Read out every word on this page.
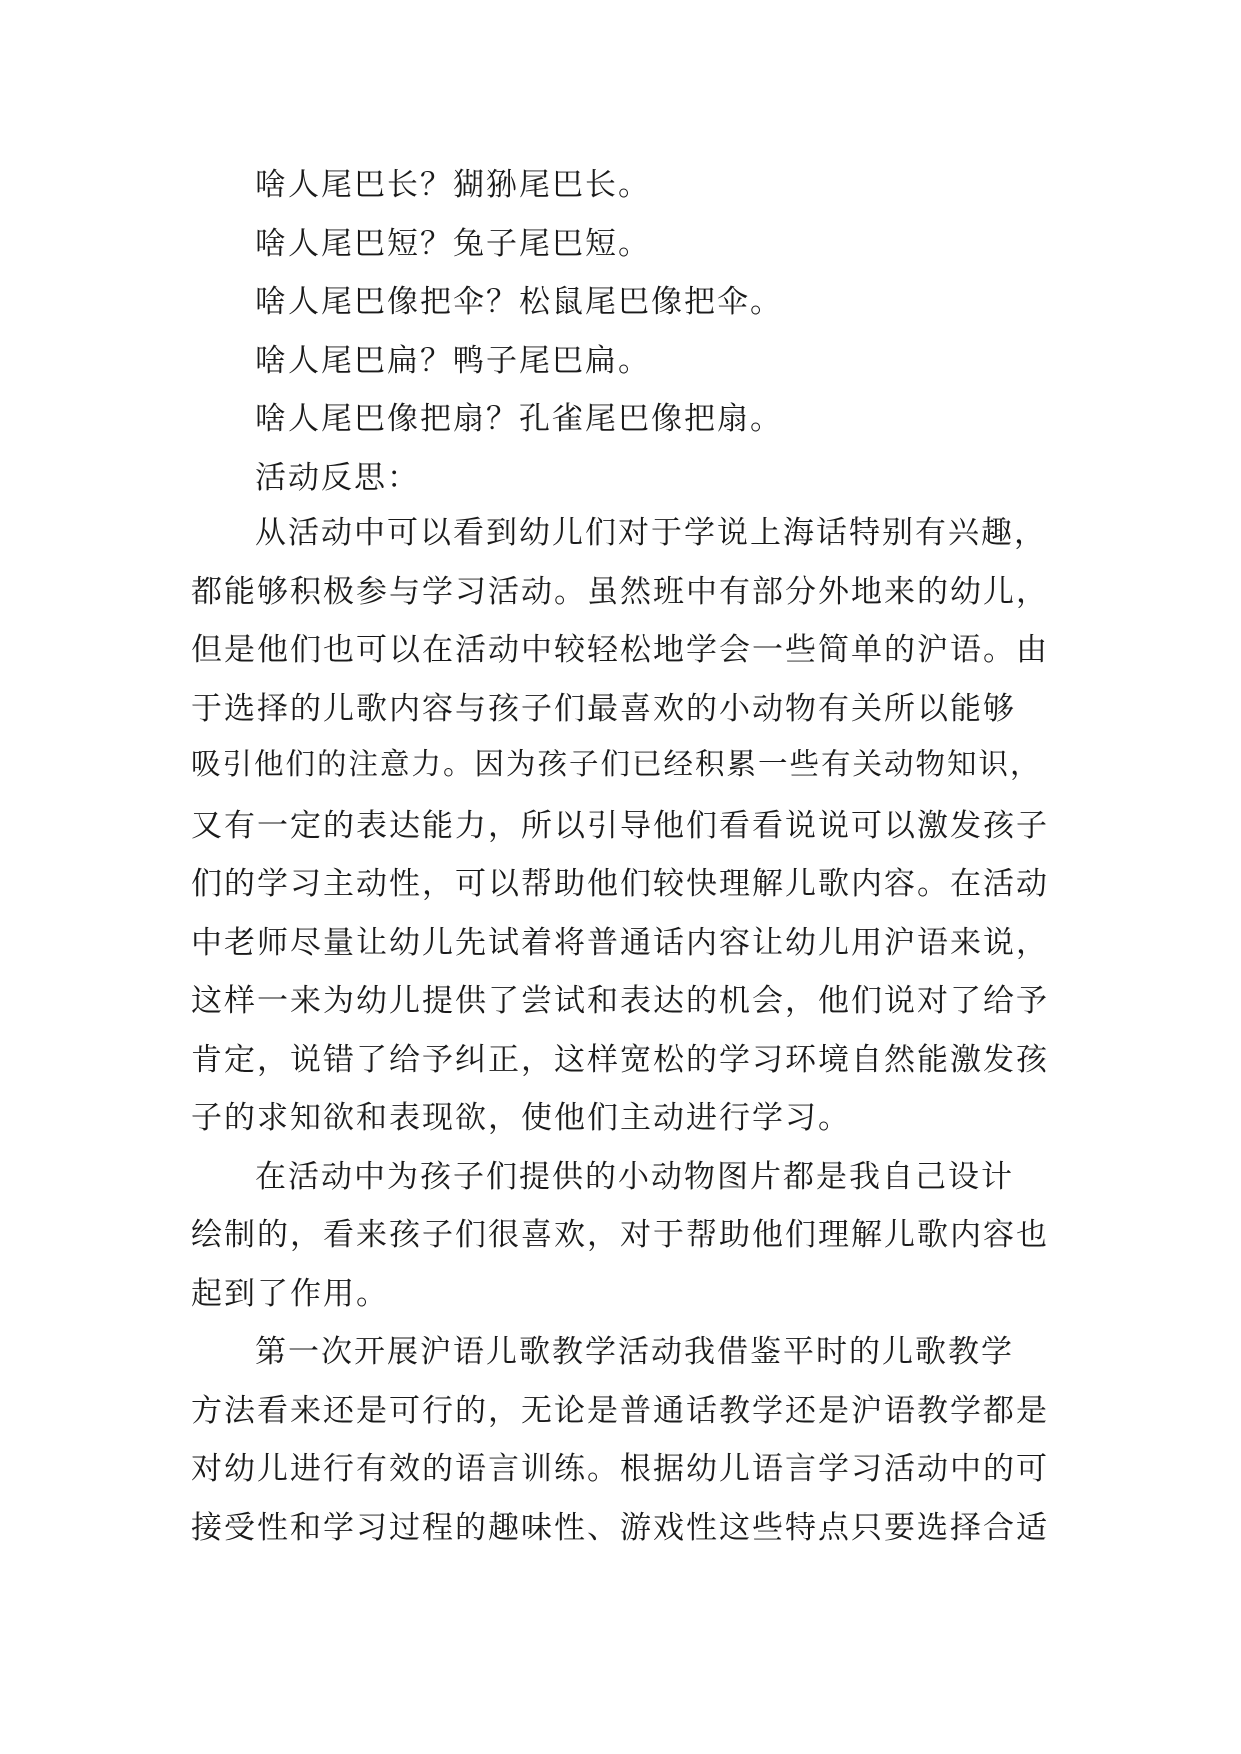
啥人尾巴长？猢狲尾巴长。

啥人尾巴短？兔子尾巴短。

啥人尾巴像把伞？松鼠尾巴像把伞。

啥人尾巴扁？鸭子尾巴扁。

啥人尾巴像把扇？孔雀尾巴像把扇。

活动反思：

从活动中可以看到幼儿们对于学说上海话特别有兴趣，
都能够积极参与学习活动。虽然班中有部分外地来的幼儿，
但是他们也可以在活动中较轻松地学会一些简单的沪语。由
于选择的儿歌内容与孩子们最喜欢的小动物有关所以能够
吸引他们的注意力。因为孩子们已经积累一些有关动物知识，
又有一定的表达能力，所以引导他们看看说说可以激发孩子
们的学习主动性，可以帮助他们较快理解儿歌内容。在活动
中老师尽量让幼儿先试着将普通话内容让幼儿用沪语来说，
这样一来为幼儿提供了尝试和表达的机会，他们说对了给予
肯定，说错了给予纠正，这样宽松的学习环境自然能激发孩
子的求知欲和表现欲，使他们主动进行学习。
在活动中为孩子们提供的小动物图片都是我自己设计
绘制的，看来孩子们很喜欢，对于帮助他们理解儿歌内容也
起到了作用。
第一次开展沪语儿歌教学活动我借鉴平时的儿歌教学
方法看来还是可行的，无论是普通话教学还是沪语教学都是
对幼儿进行有效的语言训练。根据幼儿语言学习活动中的可
接受性和学习过程的趣味性、游戏性这些特点只要选择合适
